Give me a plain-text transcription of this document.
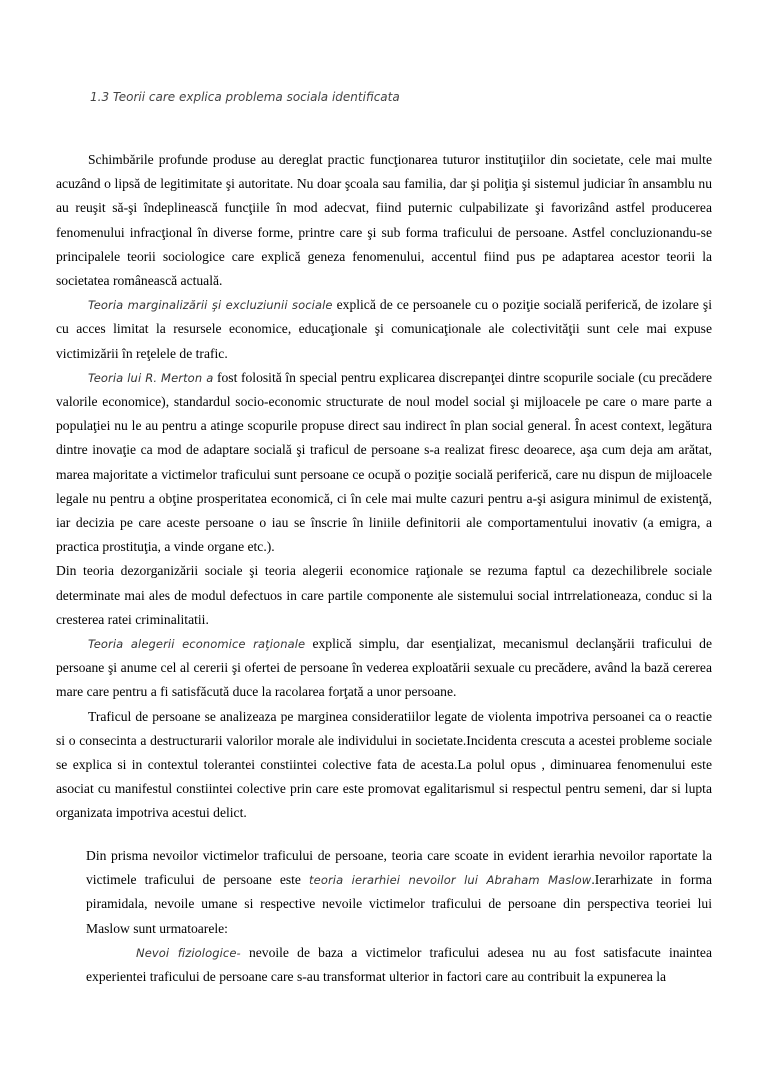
1.3 Teorii care explica problema sociala identificata

Schimbările profunde produse au dereglat practic funcţionarea tuturor instituţiilor din societate, cele mai multe acuzând o lipsă de legitimitate şi autoritate. Nu doar şcoala sau familia, dar şi poliţia şi sistemul judiciar în ansamblu nu au reuşit să-şi îndeplinească funcţiile în mod adecvat, fiind puternic culpabilizate şi favorizând astfel producerea fenomenului infracţional în diverse forme, printre care şi sub forma traficului de persoane. Astfel concluzionandu-se principalele teorii sociologice care explică geneza fenomenului, accentul fiind pus pe adaptarea acestor teorii la societatea românească actuală.
Teoria marginalizării şi excluziunii sociale explică de ce persoanele cu o poziţie socială periferică, de izolare şi cu acces limitat la resursele economice, educaţionale şi comunicaţionale ale colectivităţii sunt cele mai expuse victimizării în reţelele de trafic.
Teoria lui R. Merton a fost folosită în special pentru explicarea discrepanţei dintre scopurile sociale (cu precădere valorile economice), standardul socio-economic structurate de noul model social şi mijloacele pe care o mare parte a populaţiei nu le au pentru a atinge scopurile propuse direct sau indirect în plan social general. În acest context, legătura dintre inovaţie ca mod de adaptare socială şi traficul de persoane s-a realizat firesc deoarece, aşa cum deja am arătat, marea majoritate a victimelor traficului sunt persoane ce ocupă o poziţie socială periferică, care nu dispun de mijloacele legale nu pentru a obţine prosperitatea economică, ci în cele mai multe cazuri pentru a-şi asigura minimul de existenţă, iar decizia pe care aceste persoane o iau se înscrie în liniile definitorii ale comportamentului inovativ (a emigra, a practica prostituţia, a vinde organe etc.).
Din teoria dezorganizării sociale şi teoria alegerii economice raţionale se rezuma faptul ca dezechilibrele sociale determinate mai ales de modul defectuos in care partile componente ale sistemului social intrrelationeaza, conduc si la cresterea ratei criminalitatii.
Teoria alegerii economice raţionale explică simplu, dar esenţializat, mecanismul declanşării traficului de persoane şi anume cel al cererii şi ofertei de persoane în vederea exploatării sexuale cu precădere, având la bază cererea mare care pentru a fi satisfăcută duce la racolarea forţată a unor persoane.
Traficul de persoane se analizeaza pe marginea consideratiilor legate de violenta impotriva persoanei ca o reactie si o consecinta a destructurarii valorilor morale ale individului in societate.Incidenta crescuta a acestei probleme sociale se explica si in contextul tolerantei constiintei colective fata de acesta.La polul opus , diminuarea fenomenului este asociat cu manifestul constiintei colective prin care este promovat egalitarismul si respectul pentru semeni, dar si lupta organizata impotriva acestui delict.
Din prisma nevoilor victimelor traficului de persoane, teoria care scoate in evident ierarhia nevoilor raportate la victimele traficului de persoane este teoria ierarhiei nevoilor lui Abraham Maslow.Ierarhizate in forma piramidala, nevoile umane si respective nevoile victimelor traficului de persoane din perspectiva teoriei lui Maslow sunt urmatoarele:
Nevoi fiziologice- nevoile de baza a victimelor traficului adesea nu au fost satisfacute inaintea experientei traficului de persoane care s-au transformat ulterior in factori care au contribuit la expunerea la
